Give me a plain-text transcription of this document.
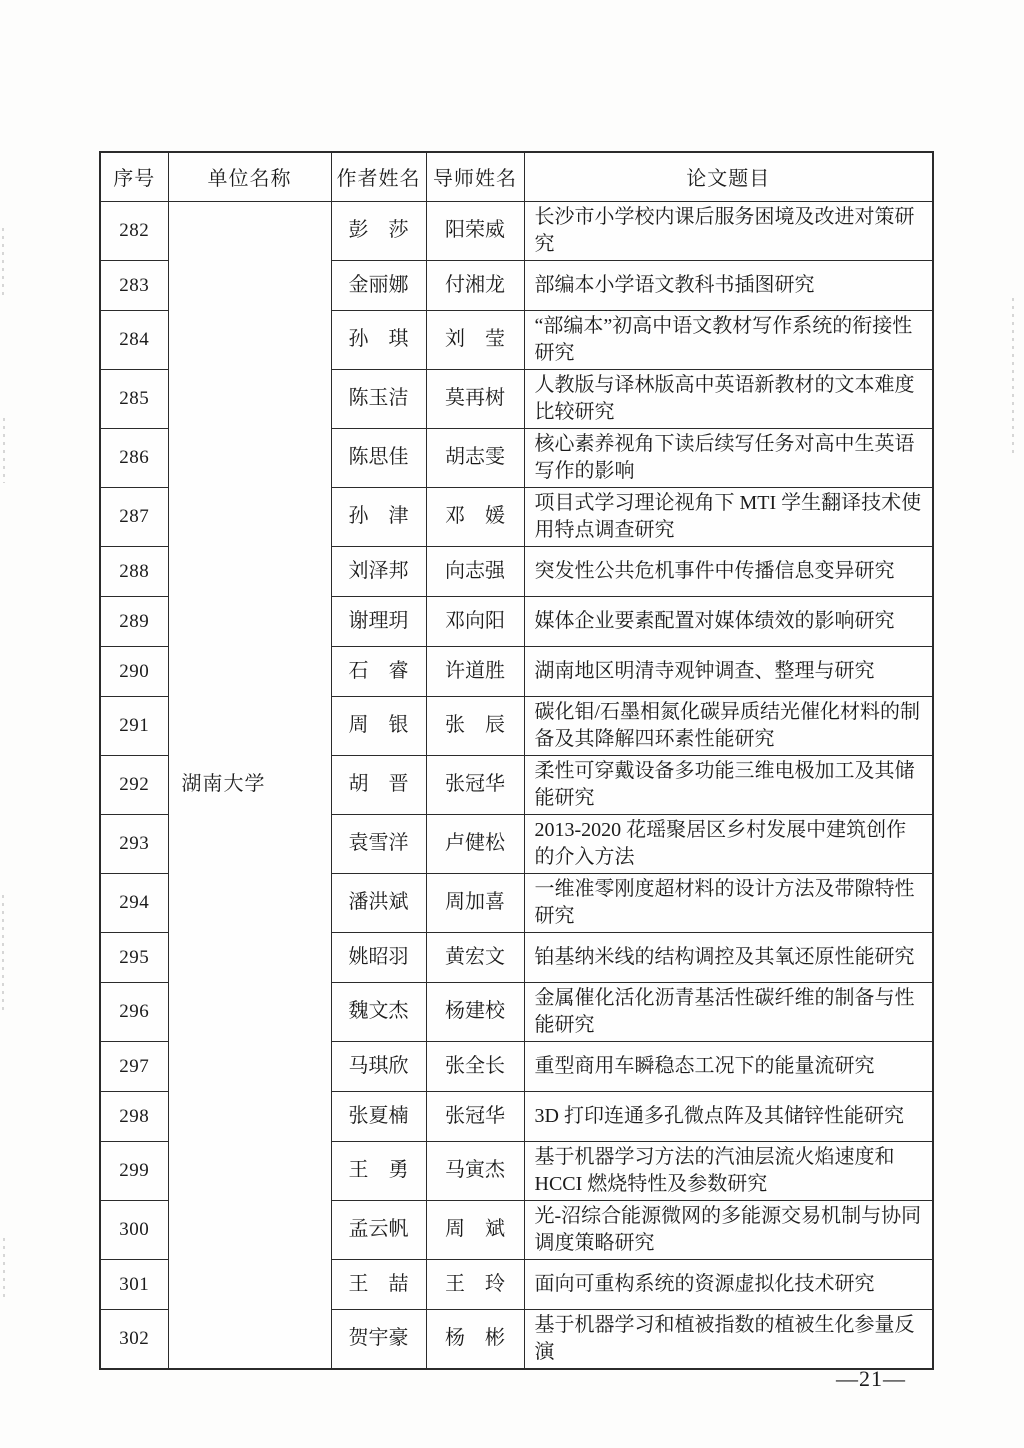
序号	单位名称	作者姓名	导师姓名	论文题目
282	湖南大学	彭　莎	阳荣威	长沙市小学校内课后服务困境及改进对策研究
283		金丽娜	付湘龙	部编本小学语文教科书插图研究
284		孙　琪	刘　莹	“部编本”初高中语文教材写作系统的衔接性研究
285		陈玉洁	莫再树	人教版与译林版高中英语新教材的文本难度比较研究
286		陈思佳	胡志雯	核心素养视角下读后续写任务对高中生英语写作的影响
287		孙　津	邓　媛	项目式学习理论视角下 MTI 学生翻译技术使用特点调查研究
288		刘泽邦	向志强	突发性公共危机事件中传播信息变异研究
289		谢理玥	邓向阳	媒体企业要素配置对媒体绩效的影响研究
290		石　睿	许道胜	湖南地区明清寺观钟调查、整理与研究
291		周　银	张　辰	碳化钼/石墨相氮化碳异质结光催化材料的制备及其降解四环素性能研究
292		胡　晋	张冠华	柔性可穿戴设备多功能三维电极加工及其储能研究
293		袁雪洋	卢健松	2013-2020 花瑶聚居区乡村发展中建筑创作的介入方法
294		潘洪斌	周加喜	一维准零刚度超材料的设计方法及带隙特性研究
295		姚昭羽	黄宏文	铂基纳米线的结构调控及其氧还原性能研究
296		魏文杰	杨建校	金属催化活化沥青基活性碳纤维的制备与性能研究
297		马琪欣	张全长	重型商用车瞬稳态工况下的能量流研究
298		张夏楠	张冠华	3D 打印连通多孔微点阵及其储锌性能研究
299		王　勇	马寅杰	基于机器学习方法的汽油层流火焰速度和 HCCI 燃烧特性及参数研究
300		孟云帆	周　斌	光-沼综合能源微网的多能源交易机制与协同调度策略研究
301		王　喆	王　玲	面向可重构系统的资源虚拟化技术研究
302		贺宇豪	杨　彬	基于机器学习和植被指数的植被生化参量反演
—21—
